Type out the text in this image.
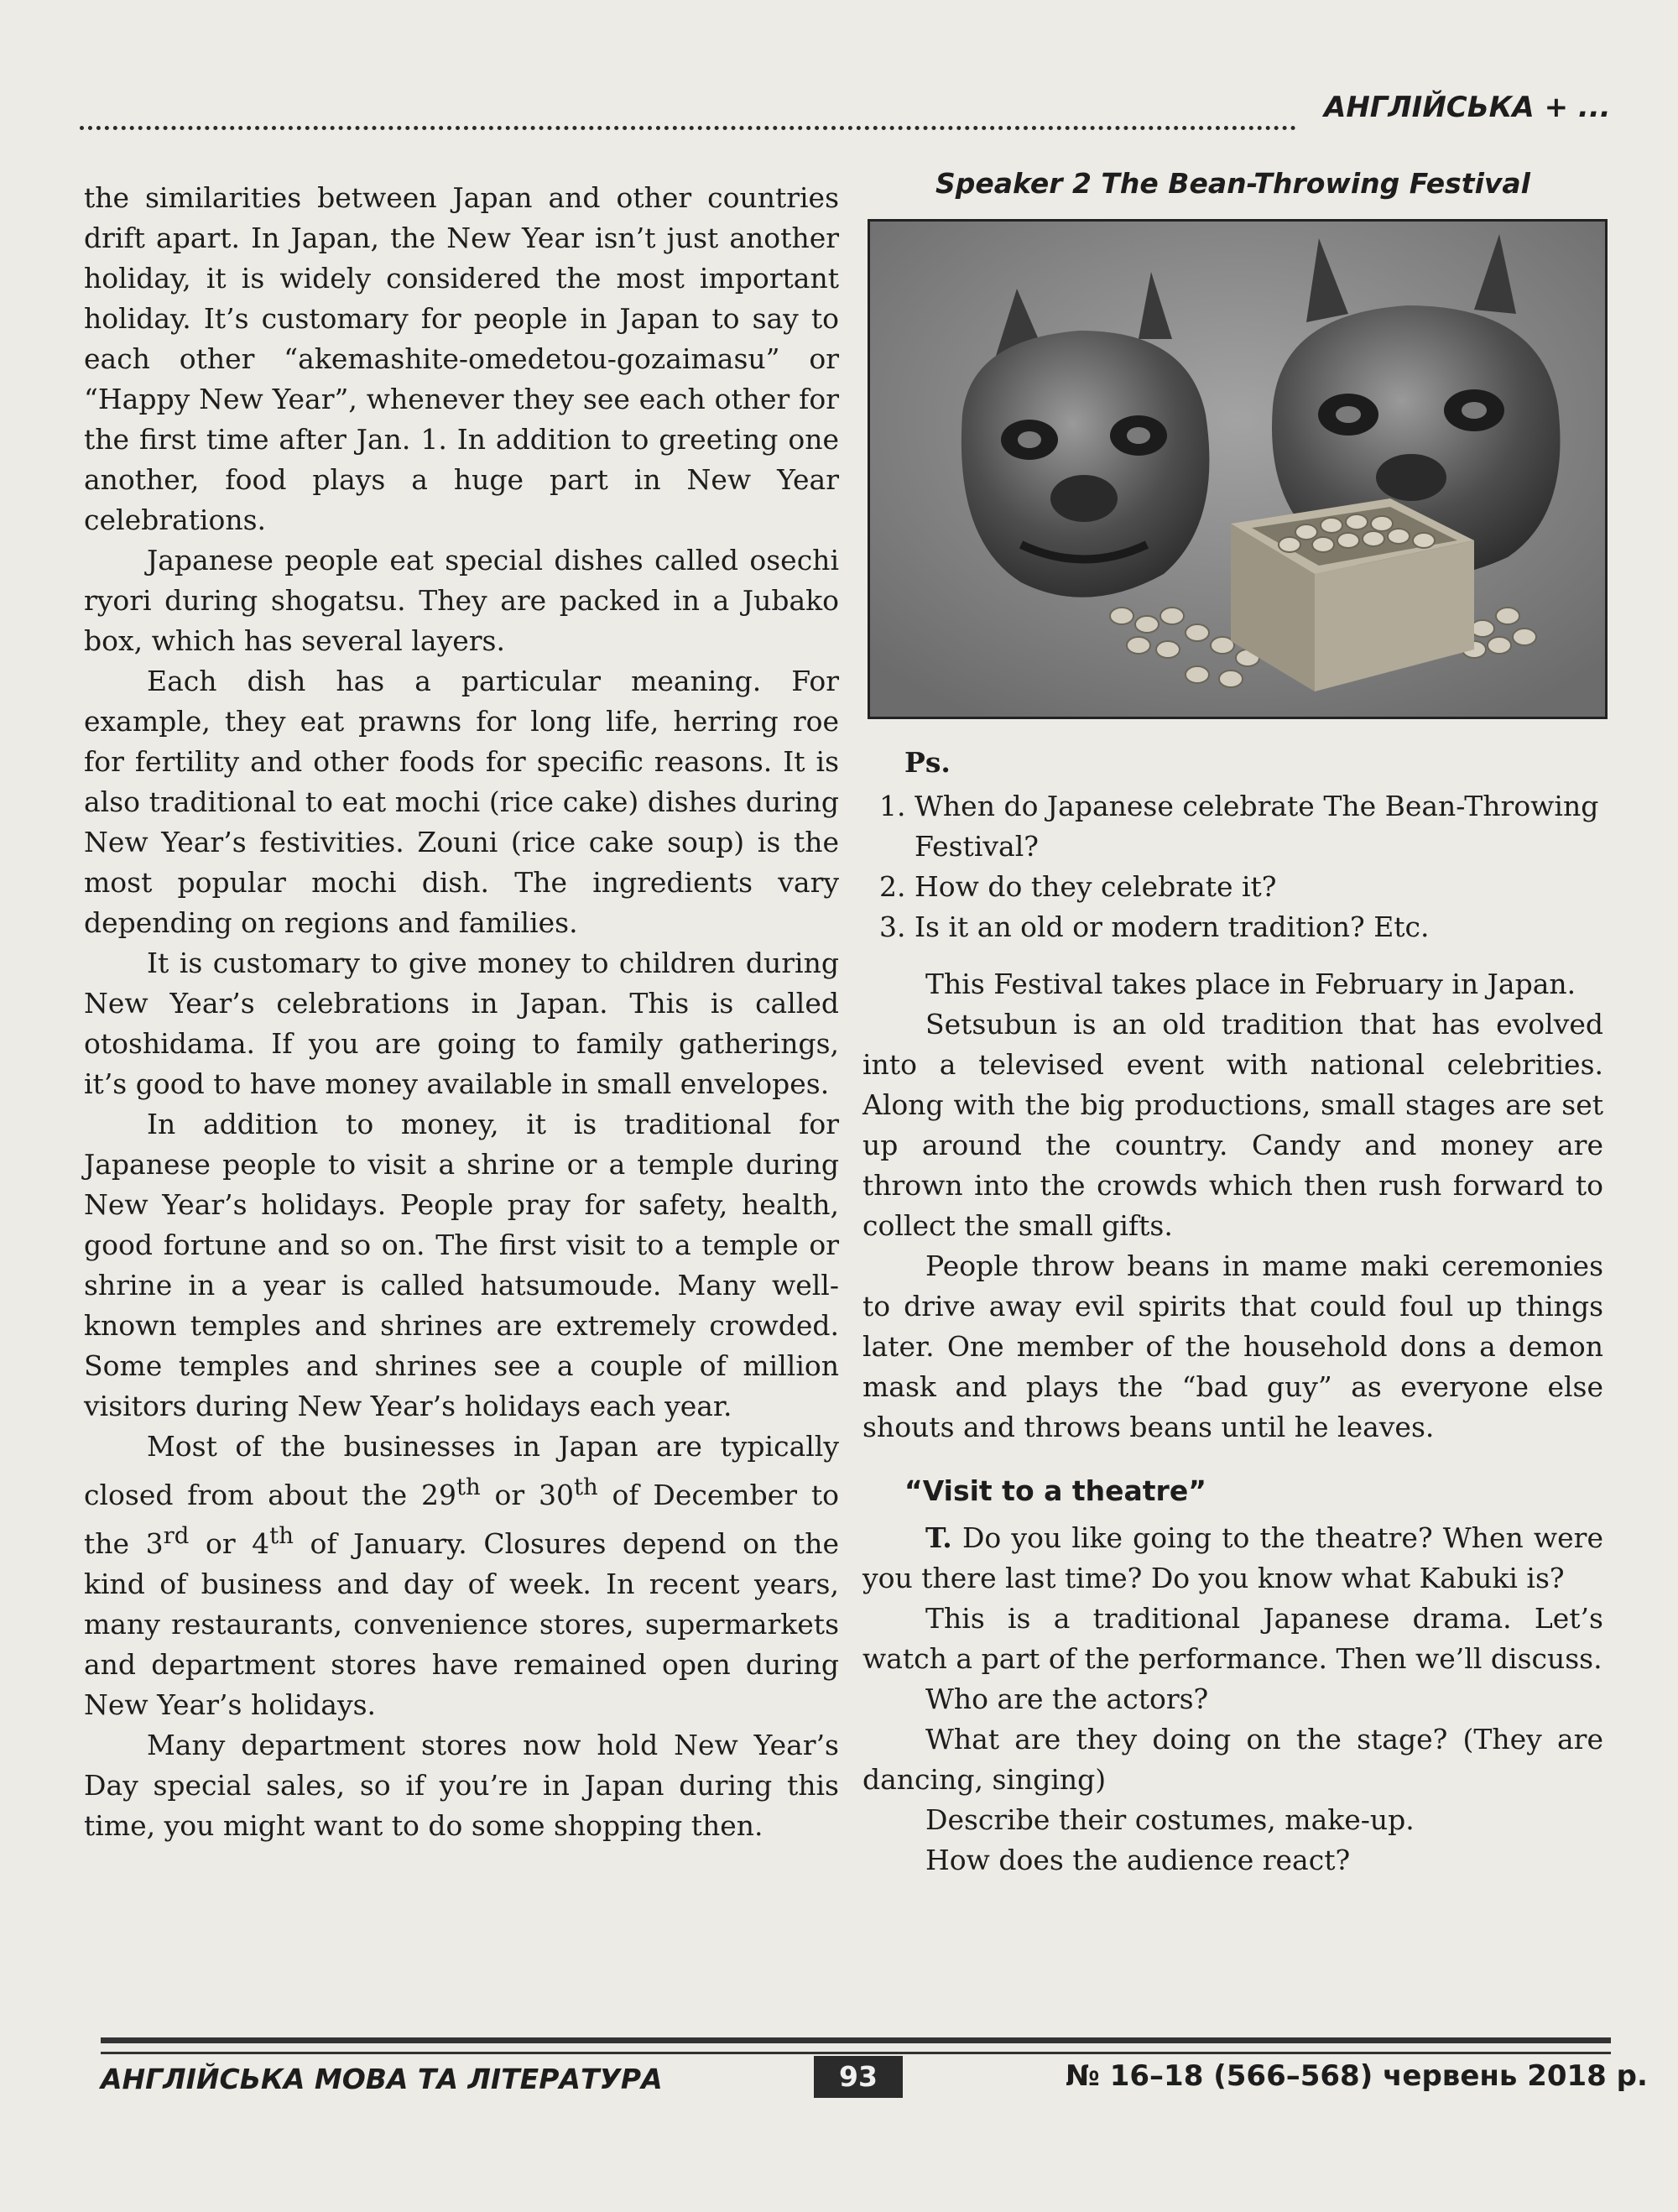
АНГЛІЙСЬКА + ...

the similarities between Japan and other countries drift apart. In Japan, the New Year isn’t just another holiday, it is widely considered the most important holiday. It’s customary for people in Japan to say to each other “akemashite-omedetou-gozaimasu” or “Happy New Year”, whenever they see each other for the first time after Jan. 1. In addition to greeting one another, food plays a huge part in New Year celebrations.

Japanese people eat special dishes called osechi ryori during shogatsu. They are packed in a Jubako box, which has several layers.

Each dish has a particular meaning. For example, they eat prawns for long life, herring roe for fertility and other foods for specific reasons. It is also traditional to eat mochi (rice cake) dishes during New Year’s festivities. Zouni (rice cake soup) is the most popular mochi dish. The ingredients vary depending on regions and families.

It is customary to give money to children during New Year’s celebrations in Japan. This is called otoshidama. If you are going to family gatherings, it’s good to have money available in small envelopes.

In addition to money, it is traditional for Japanese people to visit a shrine or a temple during New Year’s holidays. People pray for safety, health, good fortune and so on. The first visit to a temple or shrine in a year is called hatsumoude. Many well-known temples and shrines are extremely crowded. Some temples and shrines see a couple of million visitors during New Year’s holidays each year.

Most of the businesses in Japan are typically closed from about the 29th or 30th of December to the 3rd or 4th of January. Closures depend on the kind of business and day of week. In recent years, many restaurants, convenience stores, supermarkets and department stores have remained open during New Year’s holidays.

Many department stores now hold New Year’s Day special sales, so if you’re in Japan during this time, you might want to do some shopping then.

Speaker 2 The Bean-Throwing Festival
Ps.
1. When do Japanese celebrate The Bean-Throwing Festival?
2. How do they celebrate it?
3. Is it an old or modern tradition? Etc.

This Festival takes place in February in Japan.

Setsubun is an old tradition that has evolved into a televised event with national celebrities. Along with the big productions, small stages are set up around the country. Candy and money are thrown into the crowds which then rush forward to collect the small gifts.

People throw beans in mame maki ceremonies to drive away evil spirits that could foul up things later. One member of the household dons a demon mask and plays the “bad guy” as everyone else shouts and throws beans until he leaves.

“Visit to a theatre”

T. Do you like going to the theatre? When were you there last time? Do you know what Kabuki is?

This is a traditional Japanese drama. Let’s watch a part of the performance. Then we’ll discuss.

Who are the actors?

What are they doing on the stage? (They are dancing, singing)

Describe their costumes, make-up.

How does the audience react?

АНГЛІЙСЬКА МОВА ТА ЛІТЕРАТУРА	93	№ 16–18 (566–568) червень 2018 р.
